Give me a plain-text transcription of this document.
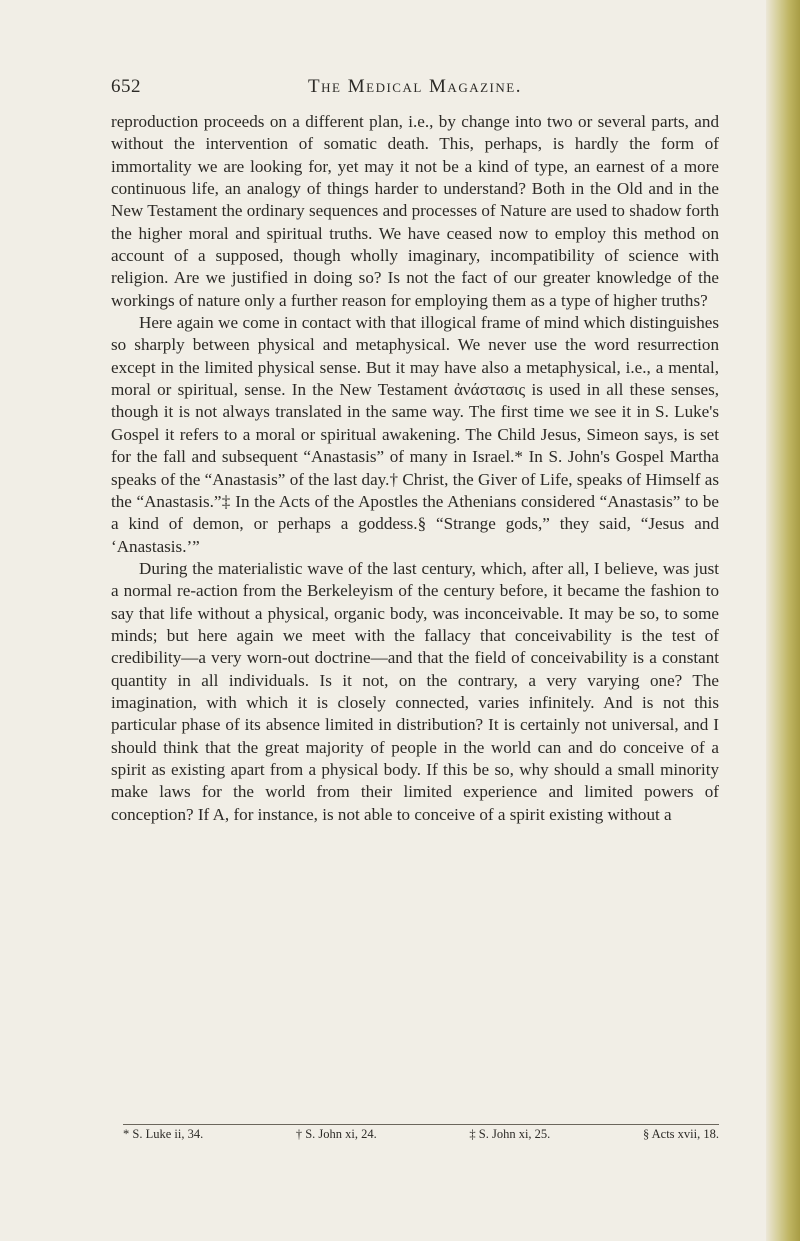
652	The Medical Magazine.

reproduction proceeds on a different plan, i.e., by change into two or several parts, and without the intervention of somatic death. This, perhaps, is hardly the form of immortality we are looking for, yet may it not be a kind of type, an earnest of a more continuous life, an analogy of things harder to understand? Both in the Old and in the New Testament the ordinary sequences and processes of Nature are used to shadow forth the higher moral and spiritual truths. We have ceased now to employ this method on account of a supposed, though wholly imaginary, incompatibility of science with religion. Are we justified in doing so? Is not the fact of our greater knowledge of the workings of nature only a further reason for employing them as a type of higher truths?

Here again we come in contact with that illogical frame of mind which distinguishes so sharply between physical and metaphysical. We never use the word resurrection except in the limited physical sense. But it may have also a metaphysical, i.e., a mental, moral or spiritual, sense. In the New Testament ἀνάστασις is used in all these senses, though it is not always translated in the same way. The first time we see it in S. Luke's Gospel it refers to a moral or spiritual awakening. The Child Jesus, Simeon says, is set for the fall and subsequent “Anastasis” of many in Israel.* In S. John's Gospel Martha speaks of the “Anastasis” of the last day.† Christ, the Giver of Life, speaks of Himself as the “Anastasis.”‡ In the Acts of the Apostles the Athenians considered “Anastasis” to be a kind of demon, or perhaps a goddess.§ “Strange gods,” they said, “Jesus and ‘Anastasis.’”

During the materialistic wave of the last century, which, after all, I believe, was just a normal re-action from the Berkeleyism of the century before, it became the fashion to say that life without a physical, organic body, was inconceivable. It may be so, to some minds; but here again we meet with the fallacy that conceivability is the test of credibility—a very worn-out doctrine—and that the field of conceivability is a constant quantity in all individuals. Is it not, on the contrary, a very varying one? The imagination, with which it is closely connected, varies infinitely. And is not this particular phase of its absence limited in distribution? It is certainly not universal, and I should think that the great majority of people in the world can and do conceive of a spirit as existing apart from a physical body. If this be so, why should a small minority make laws for the world from their limited experience and limited powers of conception? If A, for instance, is not able to conceive of a spirit existing without a

* S. Luke ii, 34.	† S. John xi, 24.	‡ S. John xi, 25.	§ Acts xvii, 18.
